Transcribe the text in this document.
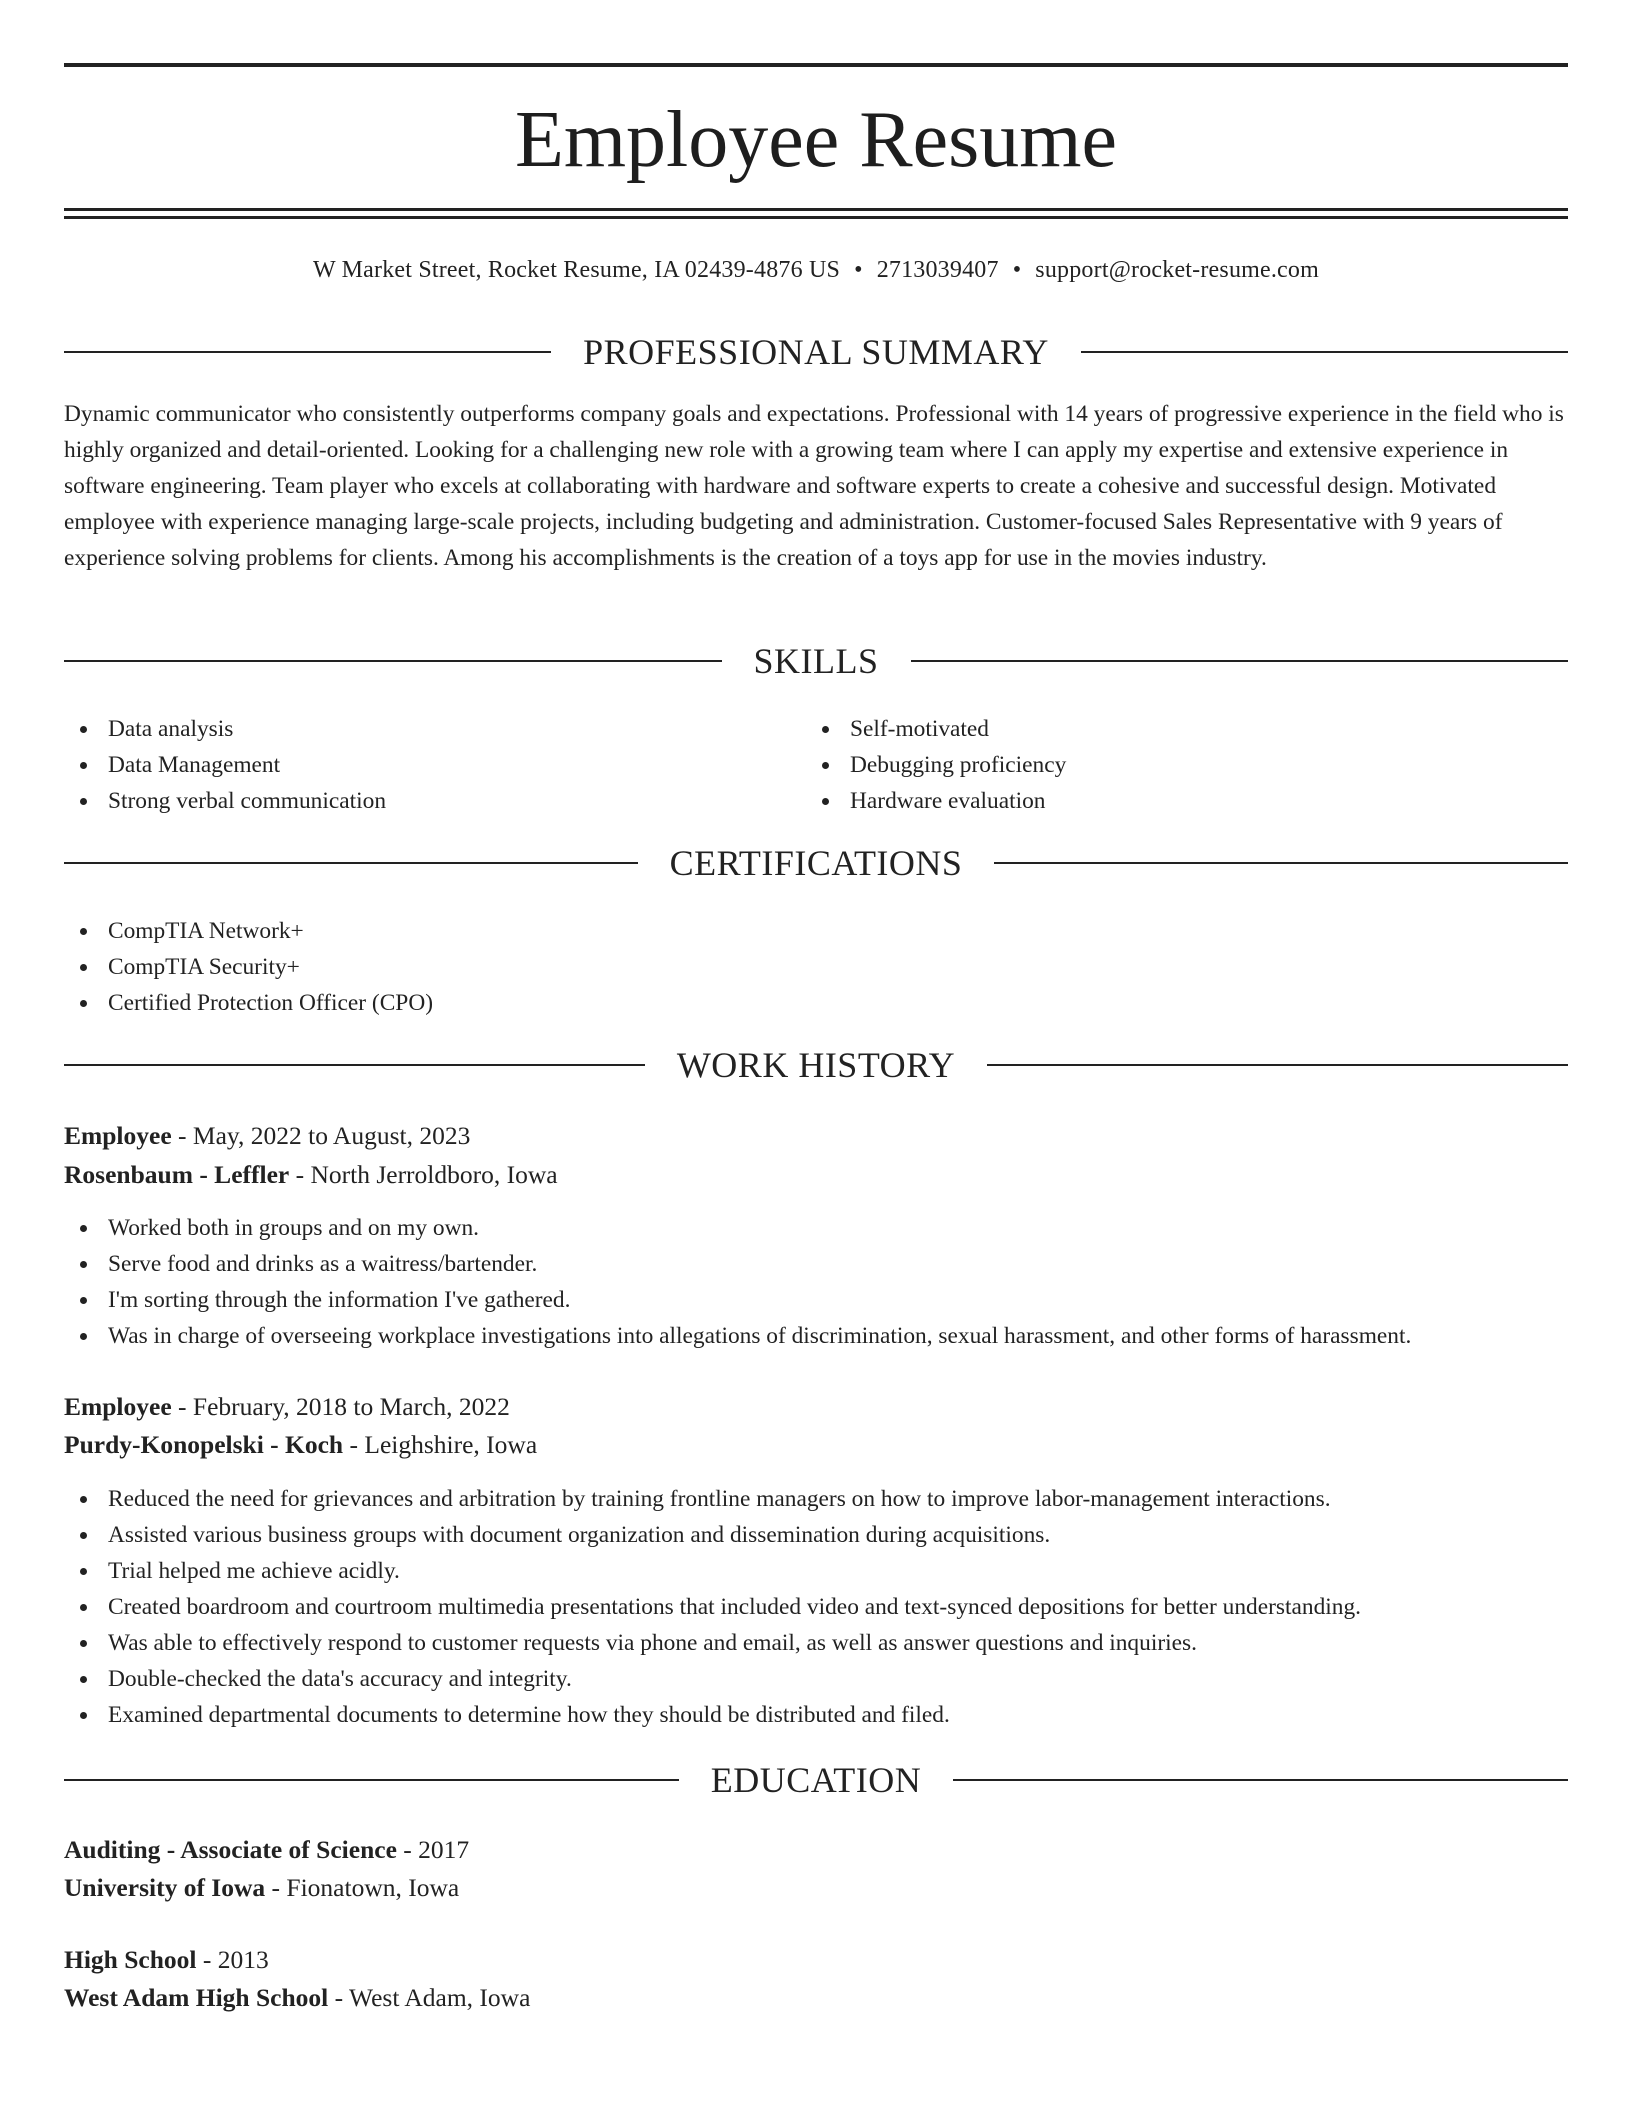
Employee Resume
W Market Street, Rocket Resume, IA 02439-4876 US • 2713039407 • support@rocket-resume.com
PROFESSIONAL SUMMARY
Dynamic communicator who consistently outperforms company goals and expectations. Professional with 14 years of progressive experience in the field who is highly organized and detail-oriented. Looking for a challenging new role with a growing team where I can apply my expertise and extensive experience in software engineering. Team player who excels at collaborating with hardware and software experts to create a cohesive and successful design. Motivated employee with experience managing large-scale projects, including budgeting and administration. Customer-focused Sales Representative with 9 years of experience solving problems for clients. Among his accomplishments is the creation of a toys app for use in the movies industry.
SKILLS
Data analysis
Data Management
Strong verbal communication
Self-motivated
Debugging proficiency
Hardware evaluation
CERTIFICATIONS
CompTIA Network+
CompTIA Security+
Certified Protection Officer (CPO)
WORK HISTORY
Employee - May, 2022 to August, 2023
Rosenbaum - Leffler - North Jerroldboro, Iowa
Worked both in groups and on my own.
Serve food and drinks as a waitress/bartender.
I'm sorting through the information I've gathered.
Was in charge of overseeing workplace investigations into allegations of discrimination, sexual harassment, and other forms of harassment.
Employee - February, 2018 to March, 2022
Purdy-Konopelski - Koch - Leighshire, Iowa
Reduced the need for grievances and arbitration by training frontline managers on how to improve labor-management interactions.
Assisted various business groups with document organization and dissemination during acquisitions.
Trial helped me achieve acidly.
Created boardroom and courtroom multimedia presentations that included video and text-synced depositions for better understanding.
Was able to effectively respond to customer requests via phone and email, as well as answer questions and inquiries.
Double-checked the data's accuracy and integrity.
Examined departmental documents to determine how they should be distributed and filed.
EDUCATION
Auditing - Associate of Science - 2017
University of Iowa - Fionatown, Iowa
High School - 2013
West Adam High School - West Adam, Iowa
